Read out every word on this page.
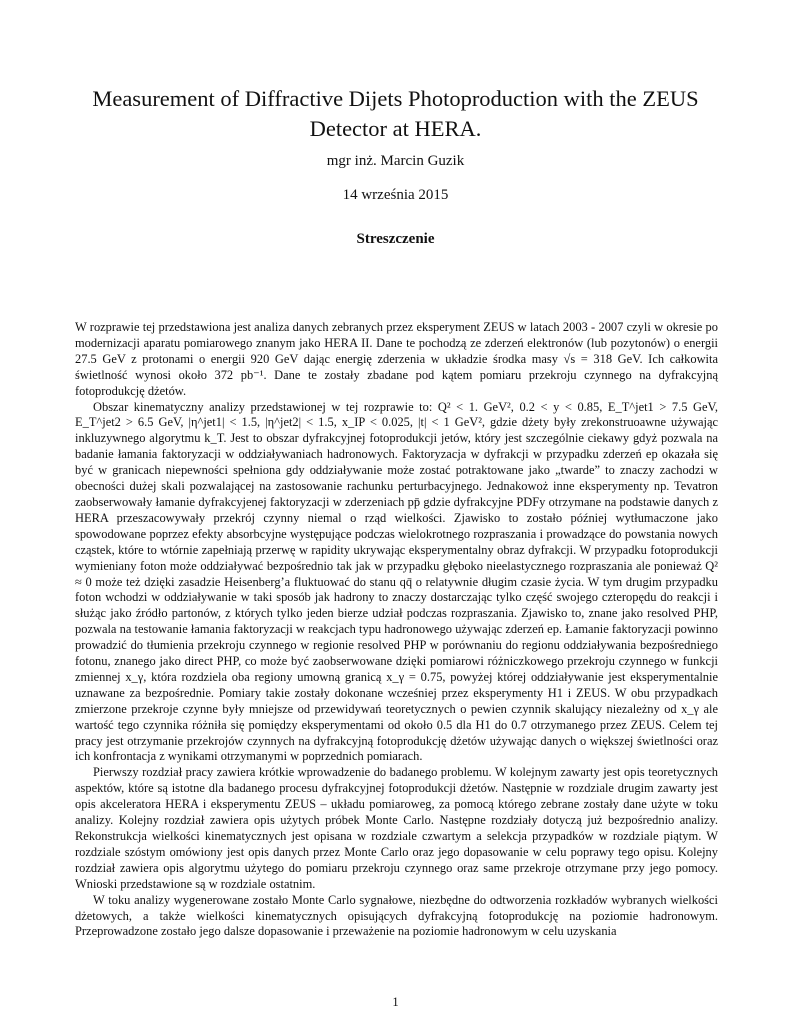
Measurement of Diffractive Dijets Photoproduction with the ZEUS Detector at HERA.

mgr inż. Marcin Guzik

14 września 2015

Streszczenie

W rozprawie tej przedstawiona jest analiza danych zebranych przez eksperyment ZEUS w latach 2003 - 2007 czyli w okresie po modernizacji aparatu pomiarowego znanym jako HERA II. Dane te pochodzą ze zderzeń elektronów (lub pozytonów) o energii 27.5 GeV z protonami o energii 920 GeV dając energię zderzenia w układzie środka masy √s = 318 GeV. Ich całkowita świetlność wynosi około 372 pb⁻¹. Dane te zostały zbadane pod kątem pomiaru przekroju czynnego na dyfrakcyjną fotoprodukcję dżetów.

Obszar kinematyczny analizy przedstawionej w tej rozprawie to: Q² < 1. GeV², 0.2 < y < 0.85, E_T^jet1 > 7.5 GeV, E_T^jet2 > 6.5 GeV, |η^jet1| < 1.5, |η^jet2| < 1.5, x_IP < 0.025, |t| < 1 GeV², gdzie dżety były zrekonstruoawne używając inkluzywnego algorytmu k_T. Jest to obszar dyfrakcyjnej fotoprodukcji jetów, który jest szczególnie ciekawy gdyż pozwala na badanie łamania faktoryzacji w oddziaływaniach hadronowych. Faktoryzacja w dyfrakcji w przypadku zderzeń ep okazała się być w granicach niepewności spełniona gdy oddziaływanie może zostać potraktowane jako „twarde” to znaczy zachodzi w obecności dużej skali pozwalającej na zastosowanie rachunku perturbacyjnego. Jednakowoż inne eksperymenty np. Tevatron zaobserwowały łamanie dyfrakcyjenej faktoryzacji w zderzeniach pp̄ gdzie dyfrakcyjne PDFy otrzymane na podstawie danych z HERA przeszacowywały przekrój czynny niemal o rząd wielkości. Zjawisko to zostało później wytłumaczone jako spowodowane poprzez efekty absorbcyjne występujące podczas wielokrotnego rozpraszania i prowadzące do powstania nowych cząstek, które to wtórnie zapełniają przerwę w rapidity ukrywając eksperymentalny obraz dyfrakcji. W przypadku fotoprodukcji wymieniany foton może oddziaływać bezpośrednio tak jak w przypadku głęboko nieelastycznego rozpraszania ale ponieważ Q² ≈ 0 może też dzięki zasadzie Heisenberg’a fluktuować do stanu qq̄ o relatywnie długim czasie życia. W tym drugim przypadku foton wchodzi w oddziaływanie w taki sposób jak hadrony to znaczy dostarczając tylko część swojego czteropędu do reakcji i służąc jako źródło partonów, z których tylko jeden bierze udział podczas rozpraszania. Zjawisko to, znane jako resolved PHP, pozwala na testowanie łamania faktoryzacji w reakcjach typu hadronowego używając zderzeń ep. Łamanie faktoryzacji powinno prowadzić do tłumienia przekroju czynnego w regionie resolved PHP w porównaniu do regionu oddziaływania bezpośredniego fotonu, znanego jako direct PHP, co może być zaobserwowane dzięki pomiarowi różniczkowego przekroju czynnego w funkcji zmiennej x_γ, która rozdziela oba regiony umowną granicą x_γ = 0.75, powyżej której oddziaływanie jest eksperymentalnie uznawane za bezpośrednie. Pomiary takie zostały dokonane wcześniej przez eksperymenty H1 i ZEUS. W obu przypadkach zmierzone przekroje czynne były mniejsze od przewidywań teoretycznych o pewien czynnik skalujący niezależny od x_γ ale wartość tego czynnika różniła się pomiędzy eksperymentami od około 0.5 dla H1 do 0.7 otrzymanego przez ZEUS. Celem tej pracy jest otrzymanie przekrojów czynnych na dyfrakcyjną fotoprodukcję dżetów używając danych o większej świetlności oraz ich konfrontacja z wynikami otrzymanymi w poprzednich pomiarach.

Pierwszy rozdział pracy zawiera krótkie wprowadzenie do badanego problemu. W kolejnym zawarty jest opis teoretycznych aspektów, które są istotne dla badanego procesu dyfrakcyjnej fotoprodukcji dżetów. Następnie w rozdziale drugim zawarty jest opis akceleratora HERA i eksperymentu ZEUS – układu pomiaroweg, za pomocą którego zebrane zostały dane użyte w toku analizy. Kolejny rozdział zawiera opis użytych próbek Monte Carlo. Następne rozdziały dotyczą już bezpośrednio analizy. Rekonstrukcja wielkości kinematycznych jest opisana w rozdziale czwartym a selekcja przypadków w rozdziale piątym. W rozdziale szóstym omówiony jest opis danych przez Monte Carlo oraz jego dopasowanie w celu poprawy tego opisu. Kolejny rozdział zawiera opis algorytmu użytego do pomiaru przekroju czynnego oraz same przekroje otrzymane przy jego pomocy. Wnioski przedstawione są w rozdziale ostatnim.

W toku analizy wygenerowane zostało Monte Carlo sygnałowe, niezbędne do odtworzenia rozkładów wybranych wielkości dżetowych, a także wielkości kinematycznych opisujących dyfrakcyjną fotoprodukcję na poziomie hadronowym. Przeprowadzone zostało jego dalsze dopasowanie i przeważenie na poziomie hadronowym w celu uzyskania

1
